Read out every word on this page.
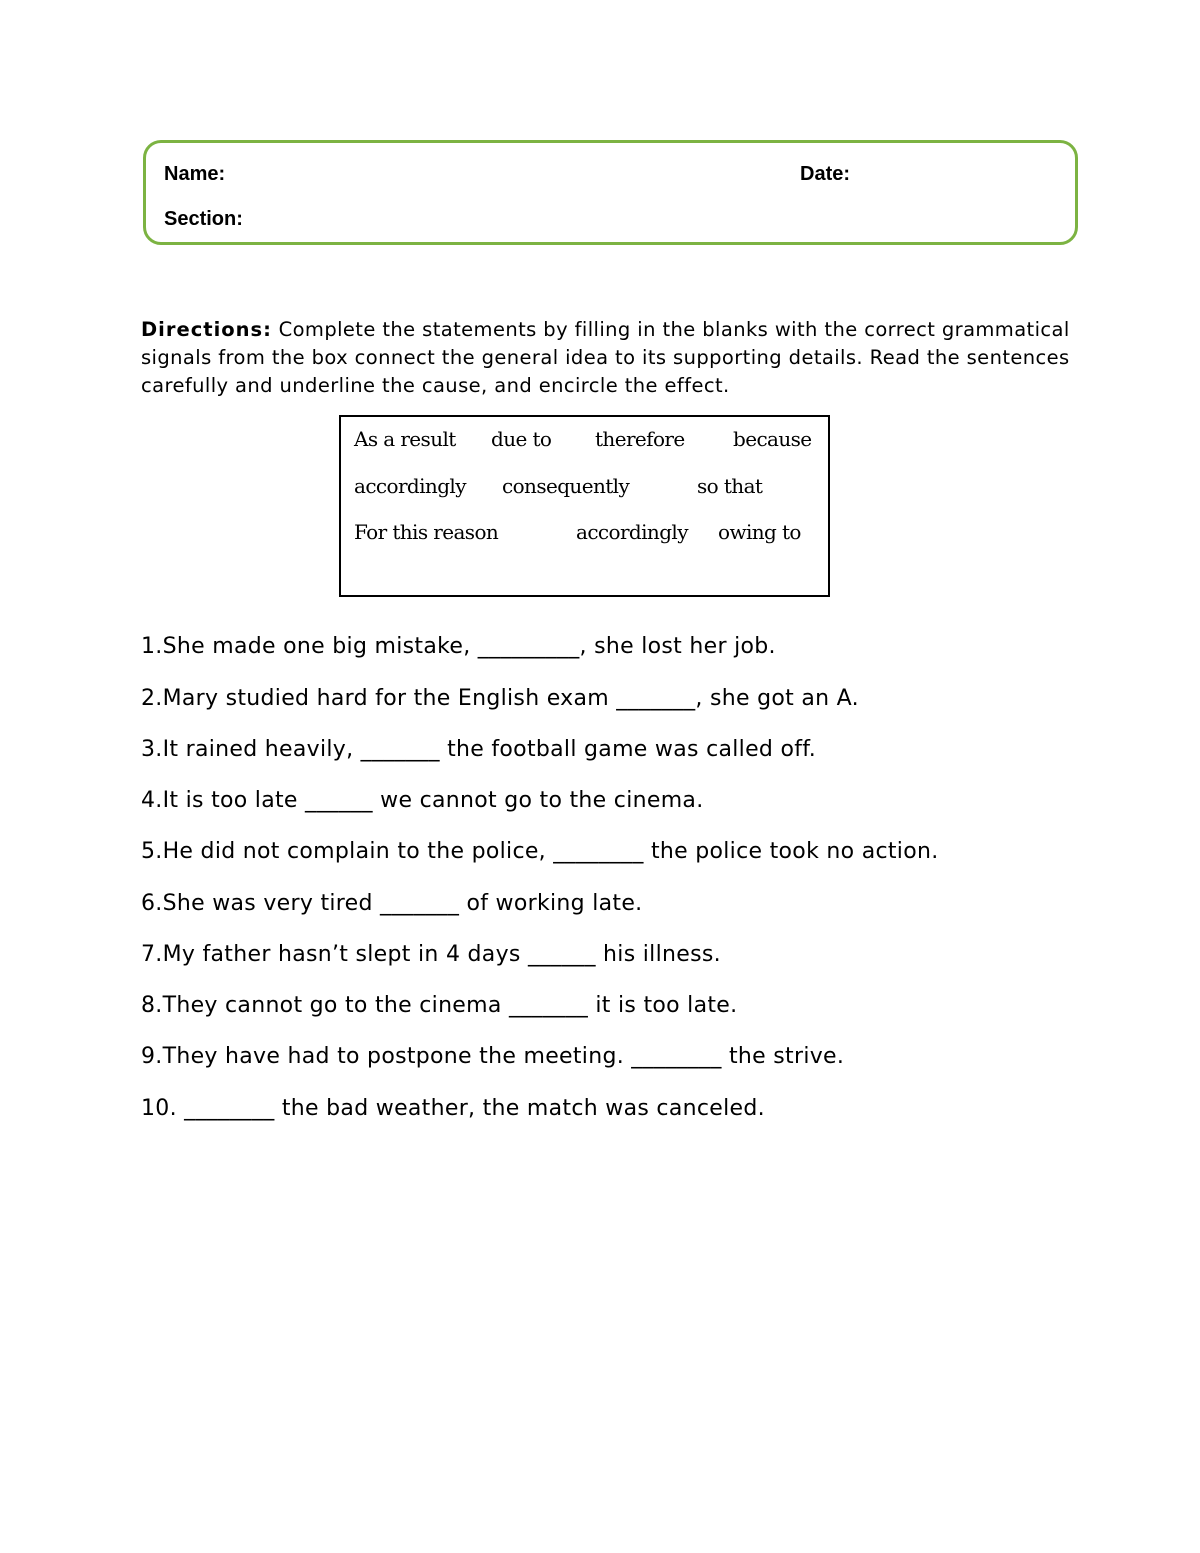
Name:	Date:
Section:
Directions: Complete the statements by filling in the blanks with the correct grammatical signals from the box connect the general idea to its supporting details. Read the sentences carefully and underline the cause, and encircle the effect.
As a result due to therefore because
accordingly consequently	so that
For this reason	accordingly owing to
1.She made one big mistake, _________, she lost her job.
2.Mary studied hard for the English exam _______, she got an A.
3.It rained heavily, _______ the football game was called off.
4.It is too late ______ we cannot go to the cinema.
5.He did not complain to the police, ________ the police took no action.
6.She was very tired _______ of working late.
7.My father hasn’t slept in 4 days ______ his illness.
8.They cannot go to the cinema _______ it is too late.
9.They have had to postpone the meeting. ________ the strive.
10. ________ the bad weather, the match was canceled.
